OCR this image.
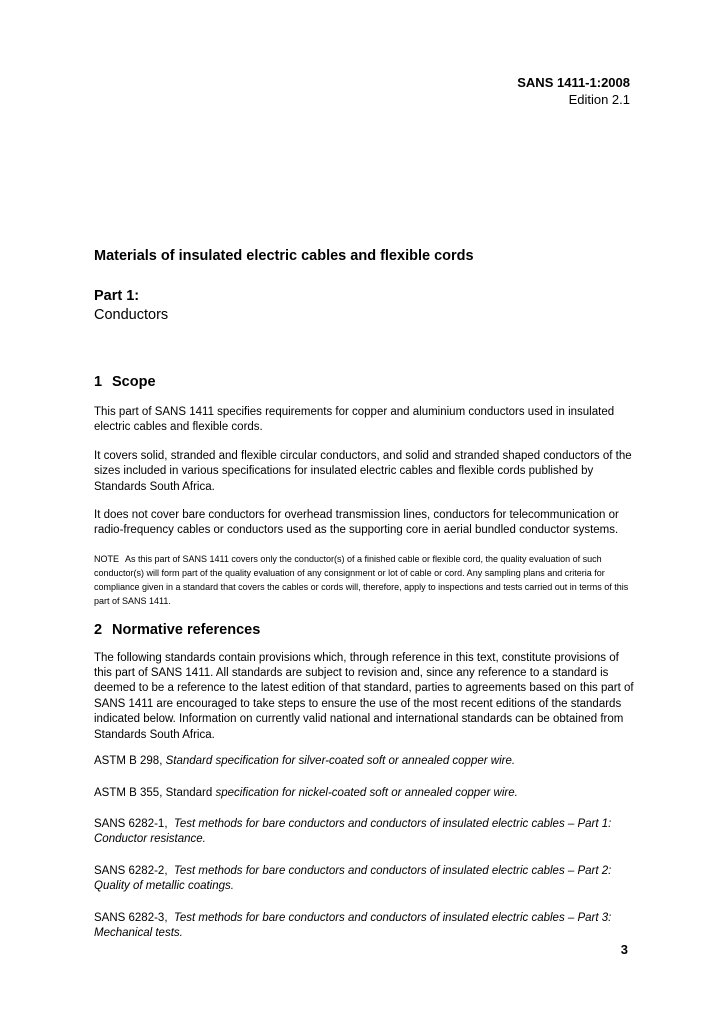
SANS 1411-1:2008
Edition 2.1
Materials of insulated electric cables and flexible cords
Part 1:
Conductors
1 Scope

This part of SANS 1411 specifies requirements for copper and aluminium conductors used in insulated electric cables and flexible cords.

It covers solid, stranded and flexible circular conductors, and solid and stranded shaped conductors of the sizes included in various specifications for insulated electric cables and flexible cords published by Standards South Africa.

It does not cover bare conductors for overhead transmission lines, conductors for telecommunication or radio-frequency cables or conductors used as the supporting core in aerial bundled conductor systems.

NOTE As this part of SANS 1411 covers only the conductor(s) of a finished cable or flexible cord, the quality evaluation of such conductor(s) will form part of the quality evaluation of any consignment or lot of cable or cord. Any sampling plans and criteria for compliance given in a standard that covers the cables or cords will, therefore, apply to inspections and tests carried out in terms of this part of SANS 1411.

2 Normative references

The following standards contain provisions which, through reference in this text, constitute provisions of this part of SANS 1411. All standards are subject to revision and, since any reference to a standard is deemed to be a reference to the latest edition of that standard, parties to agreements based on this part of SANS 1411 are encouraged to take steps to ensure the use of the most recent editions of the standards indicated below. Information on currently valid national and international standards can be obtained from Standards South Africa.

ASTM B 298, Standard specification for silver-coated soft or annealed copper wire.

ASTM B 355, Standard specification for nickel-coated soft or annealed copper wire.

SANS 6282-1, Test methods for bare conductors and conductors of insulated electric cables – Part 1: Conductor resistance.

SANS 6282-2, Test methods for bare conductors and conductors of insulated electric cables – Part 2: Quality of metallic coatings.

SANS 6282-3, Test methods for bare conductors and conductors of insulated electric cables – Part 3: Mechanical tests.

3
